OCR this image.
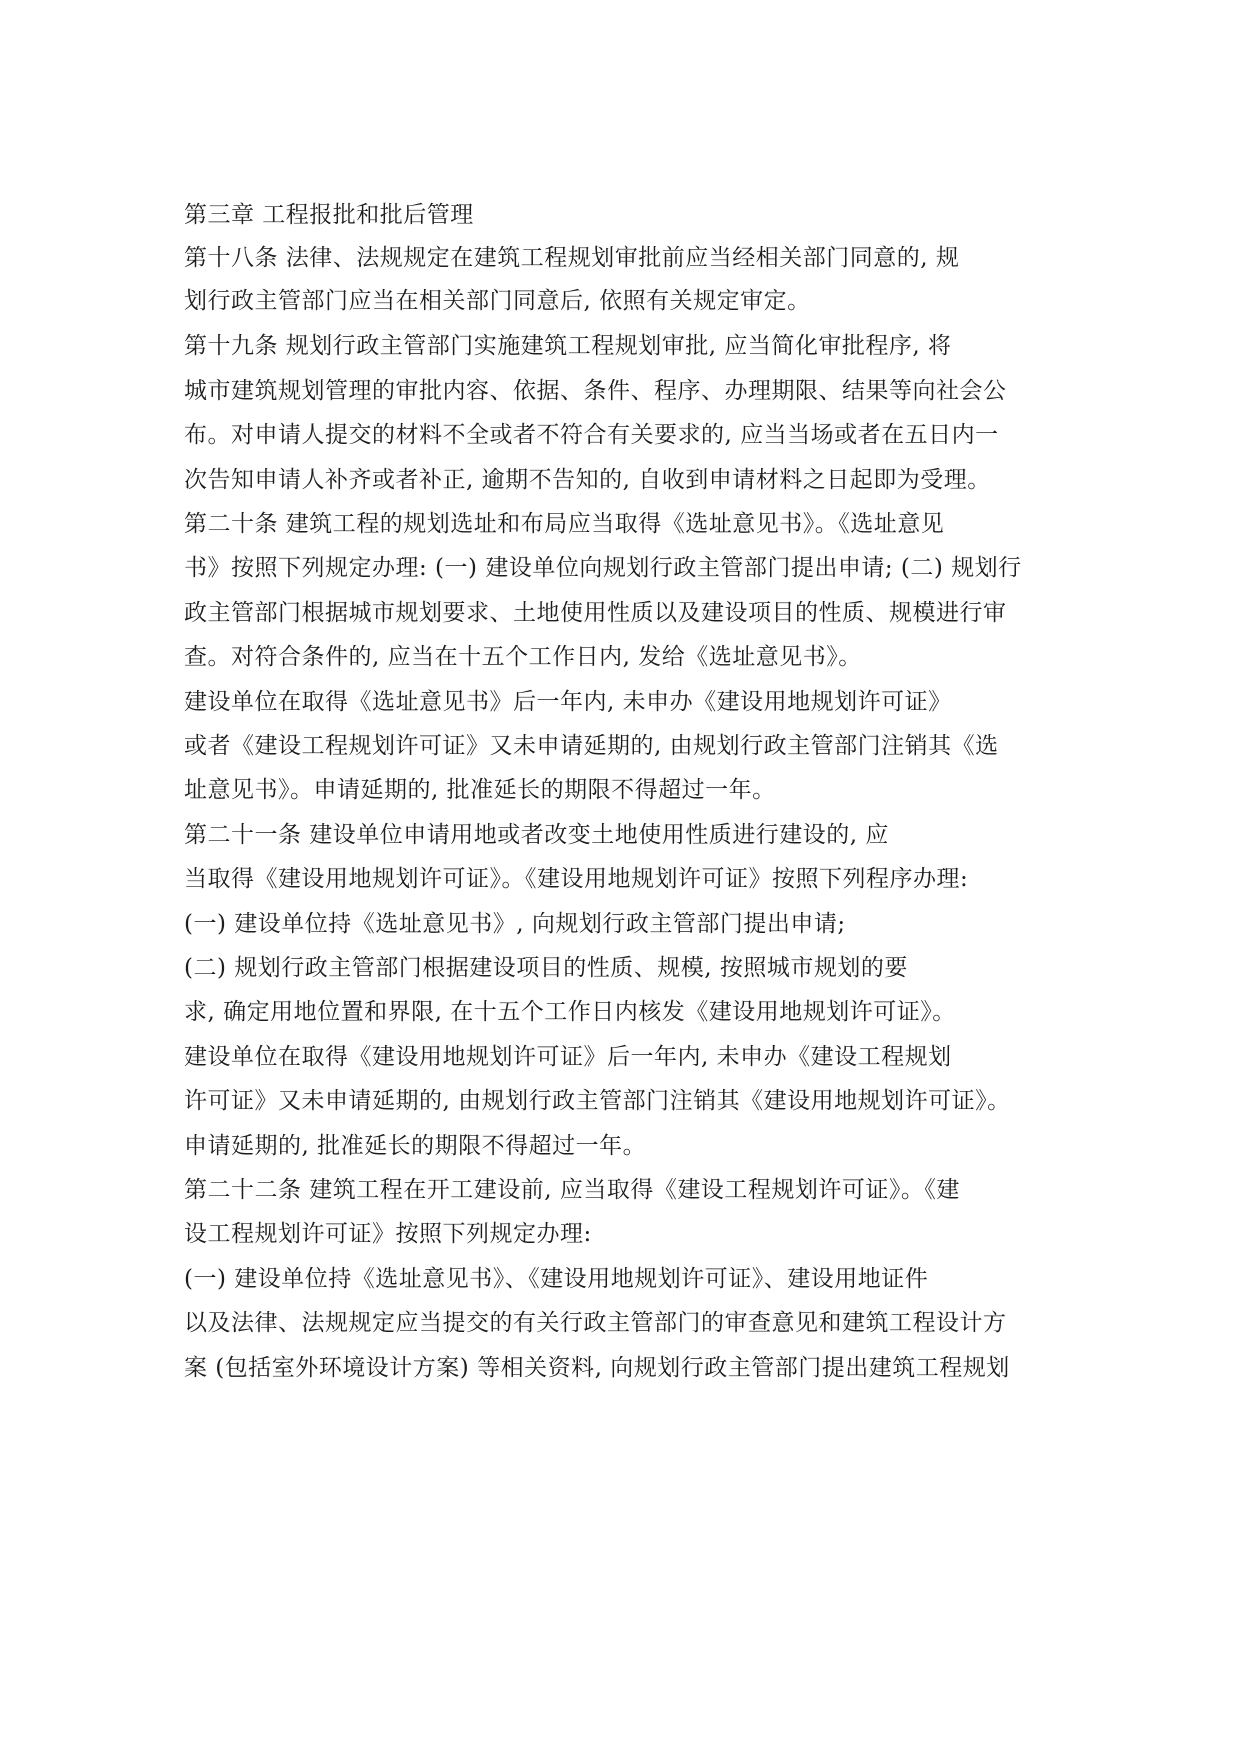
第三章 工程报批和批后管理
第十八条 法律、法规规定在建筑工程规划审批前应当经相关部门同意的, 规
划行政主管部门应当在相关部门同意后, 依照有关规定审定。
第十九条 规划行政主管部门实施建筑工程规划审批, 应当简化审批程序, 将
城市建筑规划管理的审批内容、依据、条件、程序、办理期限、结果等向社会公
布。对申请人提交的材料不全或者不符合有关要求的, 应当当场或者在五日内一
次告知申请人补齐或者补正, 逾期不告知的, 自收到申请材料之日起即为受理。
第二十条 建筑工程的规划选址和布局应当取得《选址意见书》。《选址意见
书》按照下列规定办理: (一) 建设单位向规划行政主管部门提出申请; (二) 规划行
政主管部门根据城市规划要求、土地使用性质以及建设项目的性质、规模进行审
查。对符合条件的, 应当在十五个工作日内, 发给《选址意见书》。
建设单位在取得《选址意见书》后一年内, 未申办《建设用地规划许可证》
或者《建设工程规划许可证》又未申请延期的, 由规划行政主管部门注销其《选
址意见书》。申请延期的, 批准延长的期限不得超过一年。
第二十一条 建设单位申请用地或者改变土地使用性质进行建设的, 应
当取得《建设用地规划许可证》。《建设用地规划许可证》按照下列程序办理:
(一) 建设单位持《选址意见书》, 向规划行政主管部门提出申请;
(二) 规划行政主管部门根据建设项目的性质、规模, 按照城市规划的要
求, 确定用地位置和界限, 在十五个工作日内核发《建设用地规划许可证》。
建设单位在取得《建设用地规划许可证》后一年内, 未申办《建设工程规划
许可证》又未申请延期的, 由规划行政主管部门注销其《建设用地规划许可证》。
申请延期的, 批准延长的期限不得超过一年。
第二十二条 建筑工程在开工建设前, 应当取得《建设工程规划许可证》。《建
设工程规划许可证》按照下列规定办理:
(一) 建设单位持《选址意见书》、《建设用地规划许可证》、建设用地证件
以及法律、法规规定应当提交的有关行政主管部门的审查意见和建筑工程设计方
案 (包括室外环境设计方案) 等相关资料, 向规划行政主管部门提出建筑工程规划
